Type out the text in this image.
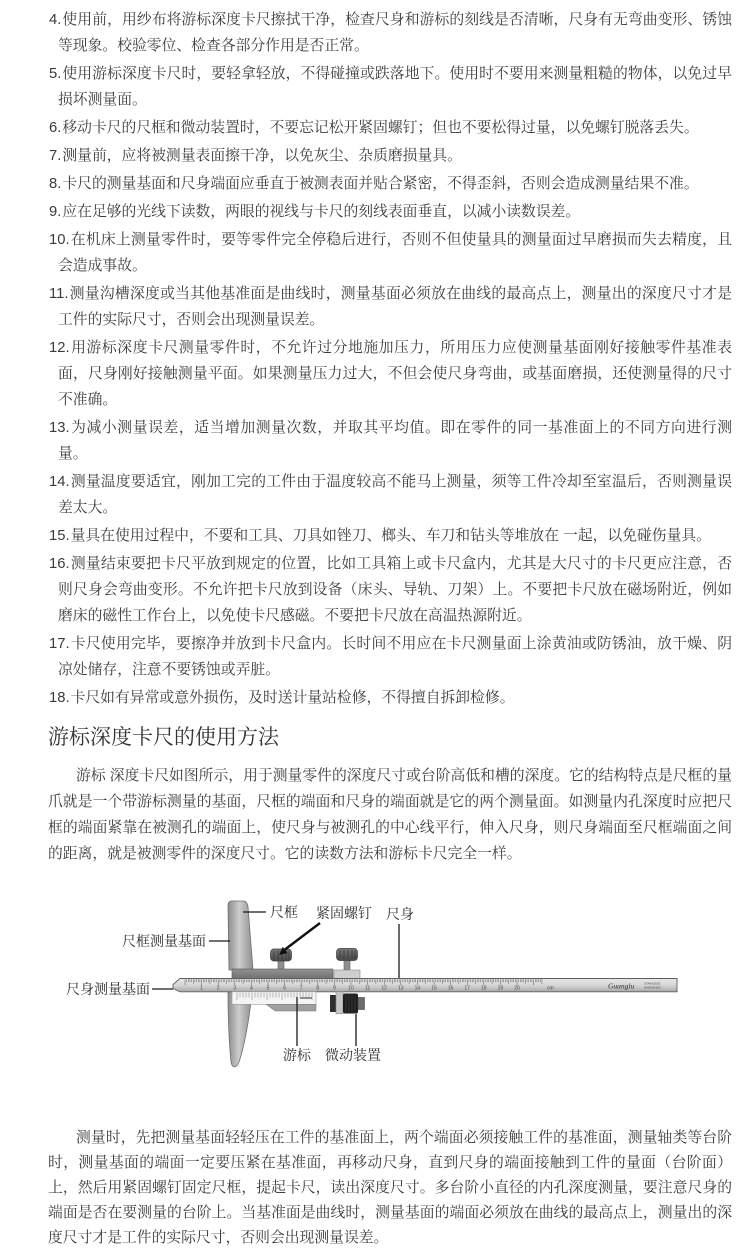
4.使用前，用纱布将游标深度卡尺擦拭干净，检查尺身和游标的刻线是否清晰，尺身有无弯曲变形、锈蚀等现象。校验零位、检查各部分作用是否正常。
5.使用游标深度卡尺时，要轻拿轻放，不得碰撞或跌落地下。使用时不要用来测量粗糙的物体，以免过早损坏测量面。
6.移动卡尺的尺框和微动装置时，不要忘记松开紧固螺钉；但也不要松得过量，以免螺钉脱落丢失。
7.测量前，应将被测量表面擦干净，以免灰尘、杂质磨损量具。
8.卡尺的测量基面和尺身端面应垂直于被测表面并贴合紧密，不得歪斜，否则会造成测量结果不准。
9.应在足够的光线下读数，两眼的视线与卡尺的刻线表面垂直，以减小读数误差。
10.在机床上测量零件时，要等零件完全停稳后进行，否则不但使量具的测量面过早磨损而失去精度，且会造成事故。
11.测量沟槽深度或当其他基准面是曲线时，测量基面必须放在曲线的最高点上，测量出的深度尺寸才是工件的实际尺寸，否则会出现测量误差。
12.用游标深度卡尺测量零件时，不允许过分地施加压力，所用压力应使测量基面刚好接触零件基准表面，尺身刚好接触测量平面。如果测量压力过大，不但会使尺身弯曲，或基面磨损，还使测量得的尺寸不准确。
13.为减小测量误差，适当增加测量次数，并取其平均值。即在零件的同一基准面上的不同方向进行测量。
14.测量温度要适宜，刚加工完的工件由于温度较高不能马上测量，须等工件冷却至室温后，否则测量误差太大。
15.量具在使用过程中，不要和工具、刀具如锉刀、榔头、车刀和钻头等堆放在 一起，以免碰伤量具。
16.测量结束要把卡尺平放到规定的位置，比如工具箱上或卡尺盒内，尤其是大尺寸的卡尺更应注意，否则尺身会弯曲变形。不允许把卡尺放到设备（床头、导轨、刀架）上。不要把卡尺放在磁场附近，例如磨床的磁性工作台上，以免使卡尺感磁。不要把卡尺放在高温热源附近。
17.卡尺使用完毕，要擦净并放到卡尺盒内。长时间不用应在卡尺测量面上涂黄油或防锈油，放干燥、阴凉处储存，注意不要锈蚀或弄脏。
18.卡尺如有异常或意外损伤，及时送计量站检修，不得擅自拆卸检修。
游标深度卡尺的使用方法

游标 深度卡尺如图所示，用于测量零件的深度尺寸或台阶高低和槽的深度。它的结构特点是尺框的量爪就是一个带游标测量的基面，尺框的端面和尺身的端面就是它的两个测量面。如测量内孔深度时应把尺框的端面紧靠在被测孔的端面上，使尺身与被测孔的中心线平行，伸入尺身，则尺身端面至尺框端面之间的距离，就是被测零件的深度尺寸。它的读数方法和游标卡尺完全一样。

1	2	3	4	5	6	7	8	9 10 11 12 13 14 15 16 17 18 19 20	cm	Guanglu	STAINLESS
HARDENED
尺框 紧固螺钉 尺身
尺框测量基面
尺身测量基面
游标 微动装置

测量时，先把测量基面轻轻压在工件的基准面上，两个端面必须接触工件的基准面，测量轴类等台阶时，测量基面的端面一定要压紧在基准面，再移动尺身，直到尺身的端面接触到工件的量面（台阶面）上，然后用紧固螺钉固定尺框，提起卡尺，读出深度尺寸。多台阶小直径的内孔深度测量，要注意尺身的端面是否在要测量的台阶上。当基准面是曲线时，测量基面的端面必须放在曲线的最高点上，测量出的深度尺寸才是工件的实际尺寸，否则会出现测量误差。
